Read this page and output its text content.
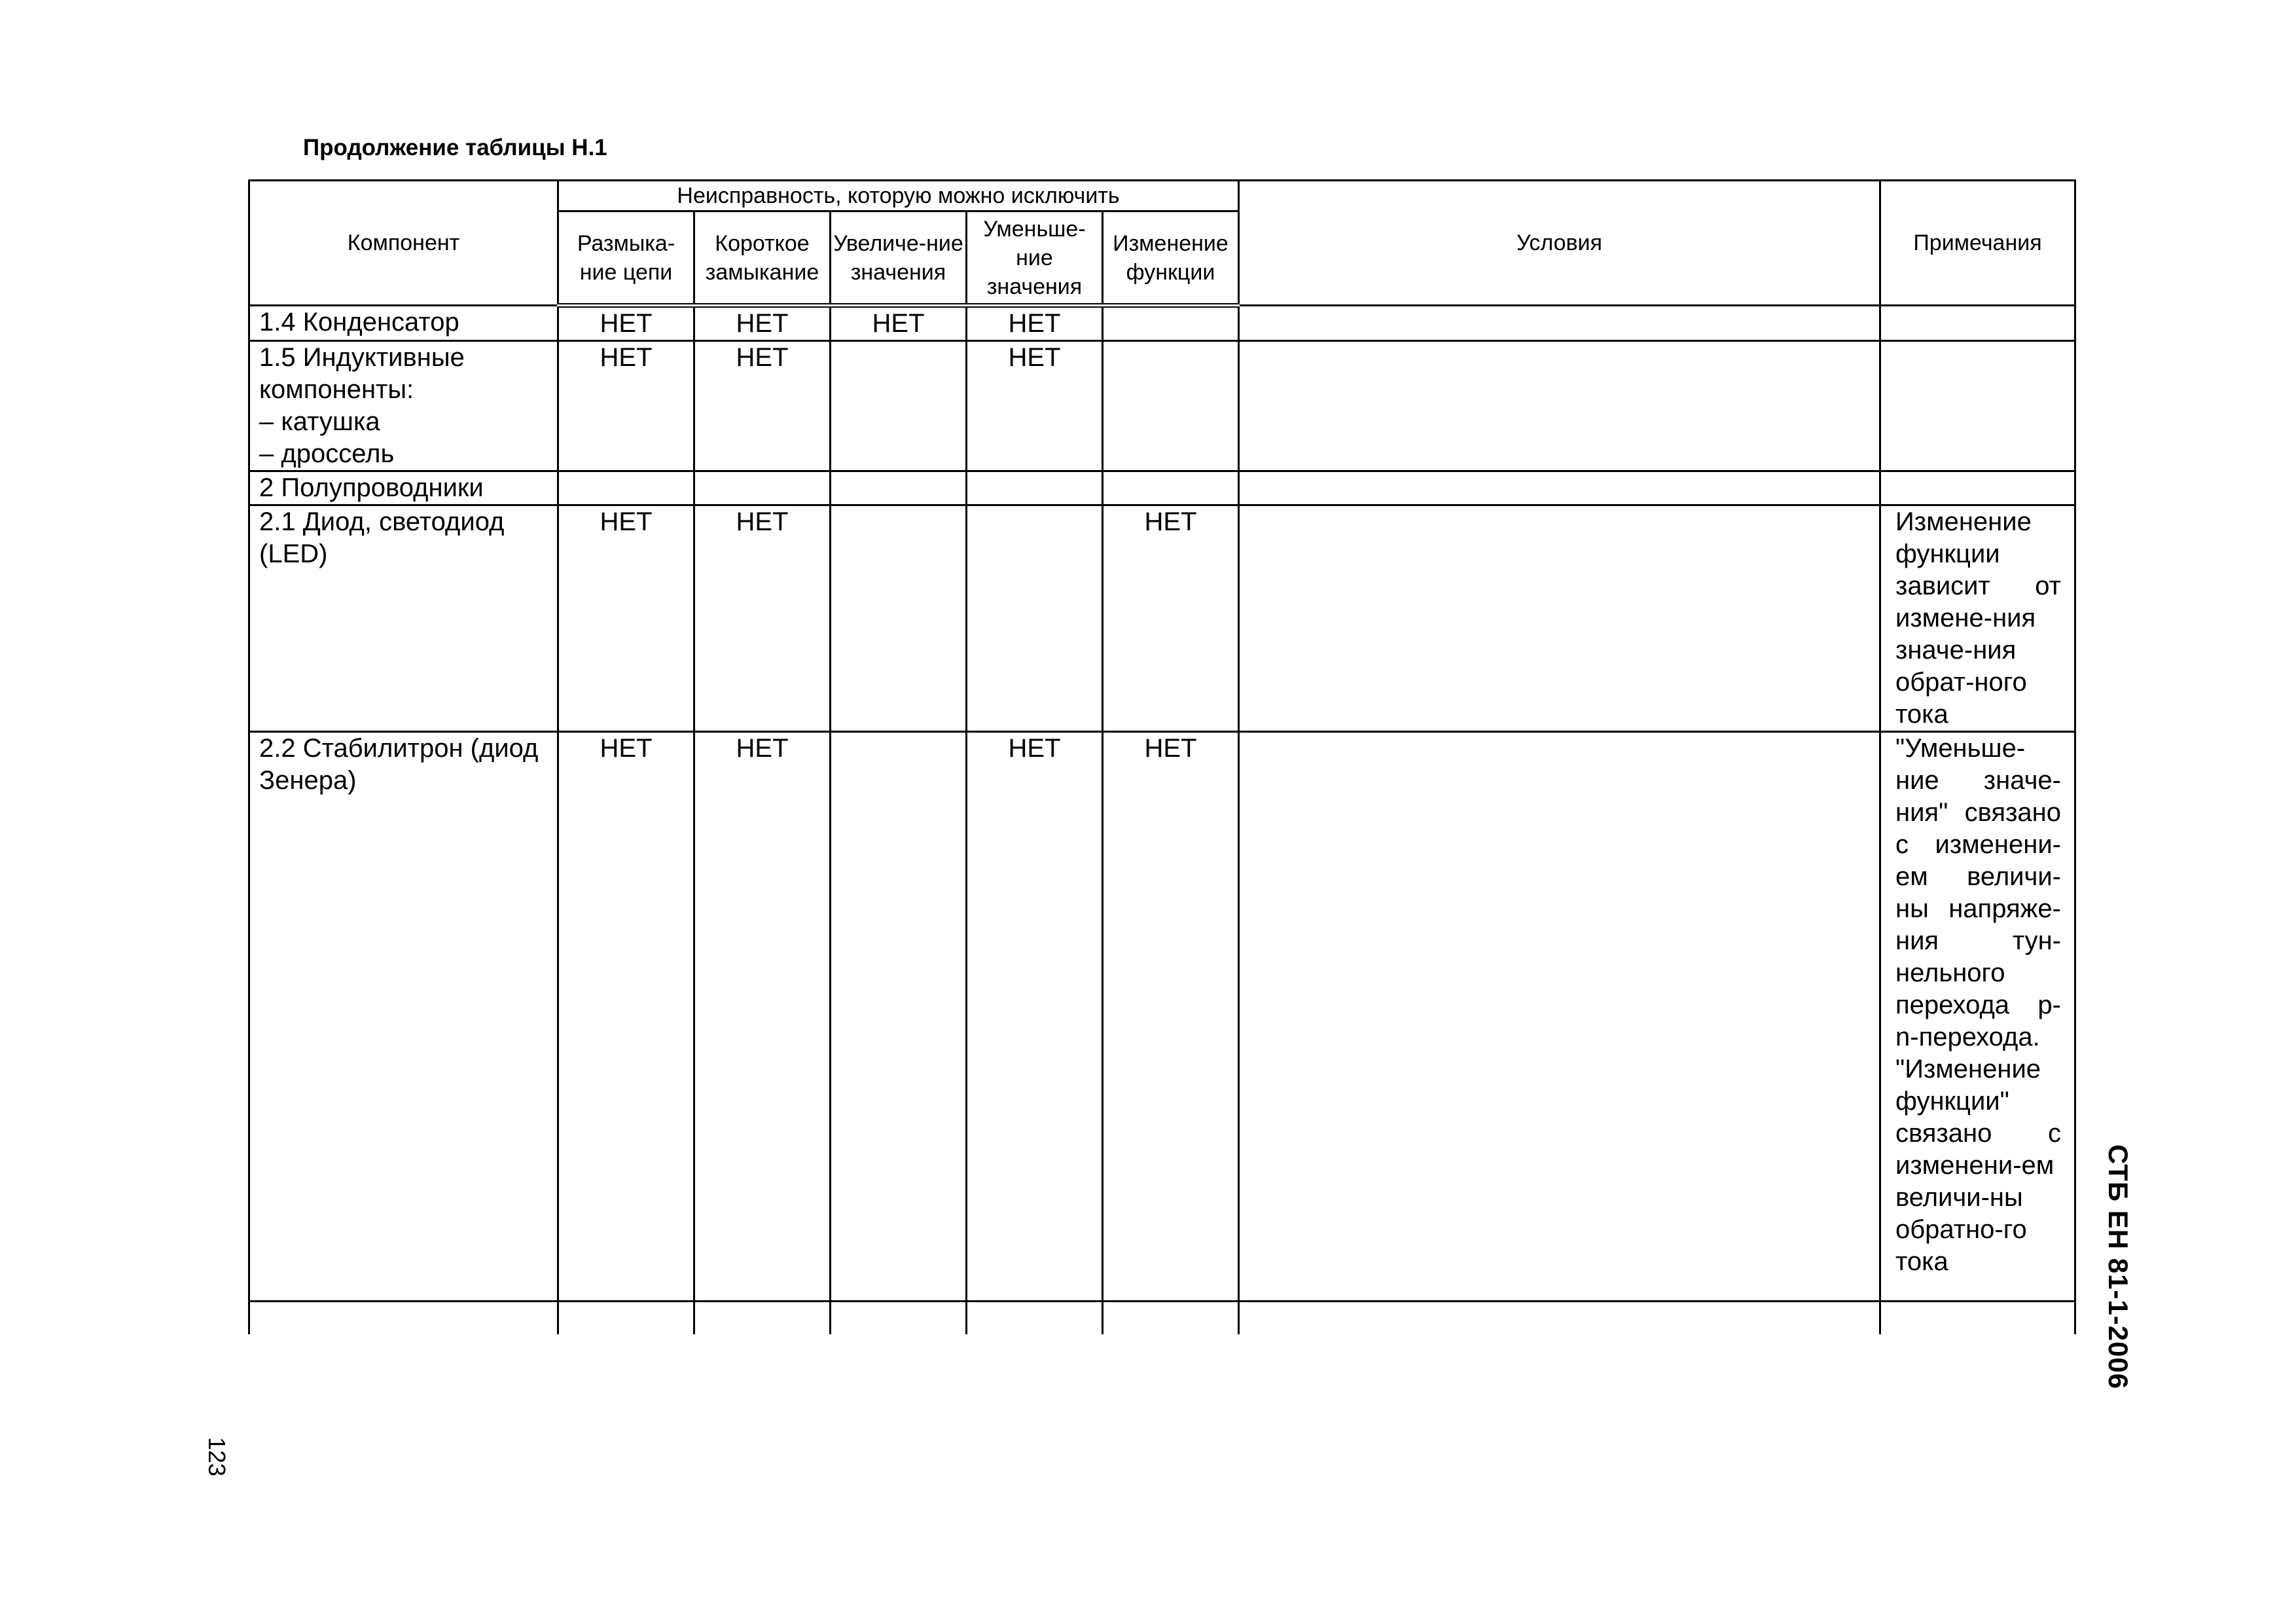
Продолжение таблицы Н.1
Компонент	Неисправность, которую можно исключить					Условия	Примечания
	Размыка-ние цепи	Короткое замыкание	Увеличе-ние значения	Уменьше-ние значения	Изменение функции		
1.4 Конденсатор	НЕТ	НЕТ	НЕТ	НЕТ			
1.5 Индуктивные компоненты:
– катушка
– дроссель	НЕТ	НЕТ		НЕТ			
2 Полупроводники							
2.1 Диод, светодиод (LED)	НЕТ	НЕТ			НЕТ		Изменение функции зависит от измене-ния значе-ния обрат-ного тока
2.2 Стабилитрон (диод Зенера)	НЕТ	НЕТ		НЕТ	НЕТ		"Уменьше-ние значе-ния" связано с изменени-ем величи-ны напряже-ния тун-нельного перехода p-n-перехода. "Изменение функции" связано с изменени-ем величи-ны обратно-го тока

123
СТБ ЕН 81-1-2006
